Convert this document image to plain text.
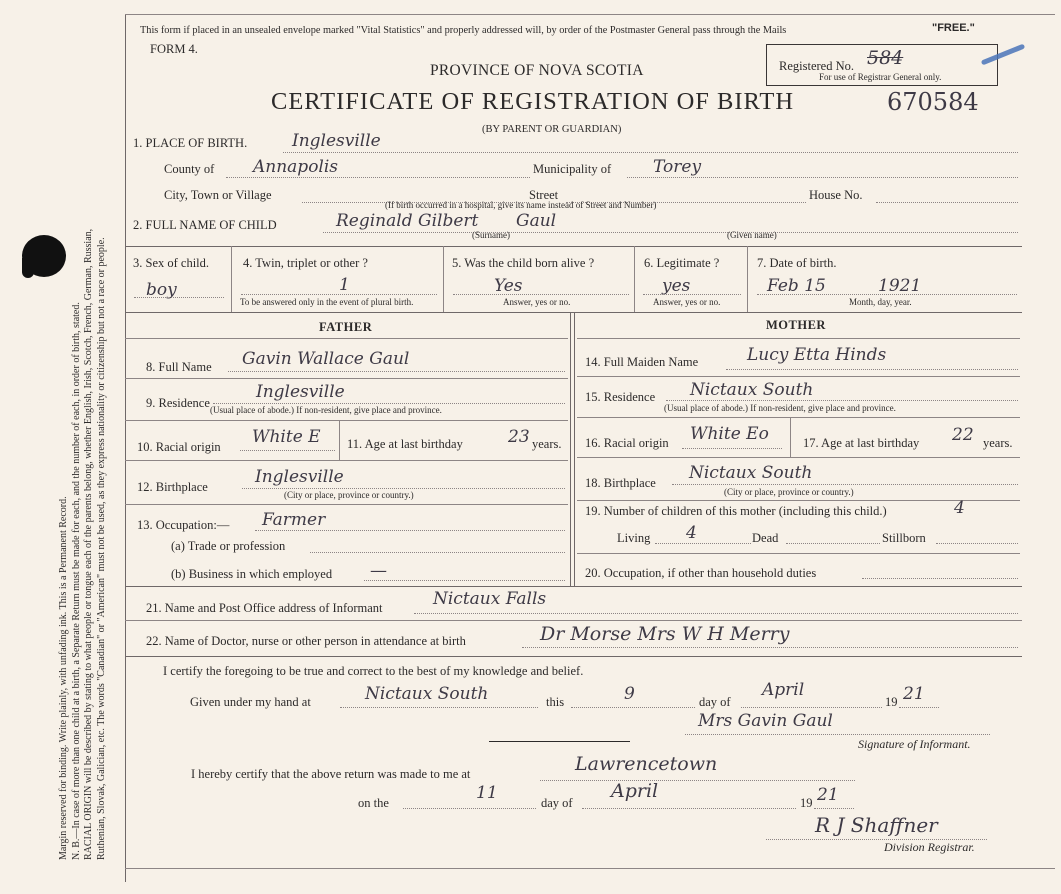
Margin reserved for binding. Write plainly, with unfading ink. This is a Permanent Record. N. B.—In case of more than one child at a birth, a Separate Return must be made for each, and the number of each, in order of birth, stated. RACIAL ORIGIN will be described by stating to what people or tongue each of the parents belong, whether English, Irish, Scotch, French, German, Russian, Ruthenian, Slovak, Galician, etc. The words "Canadian" or "American" must not be used, as they express nationality or citizenship but not a race or people.
This form if placed in an unsealed envelope marked "Vital Statistics" and properly addressed will, by order of the Postmaster General pass through the Mails	"FREE."
FORM 4.
Registered No. 584
For use of Registrar General only.
PROVINCE OF NOVA SCOTIA
CERTIFICATE OF REGISTRATION OF BIRTH	670584
(BY PARENT OR GUARDIAN)
1. PLACE OF BIRTH.	Inglesville
County of Annapolis	Municipality of Torey
City, Town or Village	Street	House No.
(If birth occurred in a hospital, give its name instead of Street and Number)
2. FULL NAME OF CHILD	Reginald Gilbert Gaul
(Surname)	(Given name)
3. Sex of child.
boy
4. Twin, triplet or other ?
1
To be answered only in the event of plural birth.
5. Was the child born alive ?
Yes
Answer, yes or no.
6. Legitimate ?
yes
Answer, yes or no.
7. Date of birth.
Feb 15	1921
Month, day, year.
FATHER	MOTHER
8. Full Name Gavin Wallace Gaul
9. Residence
Inglesville
(Usual place of abode.) If non-resident, give place and province.
10. Racial origin White E 11. Age at last birthday	23 years.
12. Birthplace	Inglesville
(City or place, province or country.)
13. Occupation:— Farmer
(a) Trade or profession
(b) Business in which employed —
14. Full Maiden Name	Lucy Etta Hinds
15. Residence Nictaux South
(Usual place of abode.) If non-resident, give place and province.
16. Racial origin White Eo	17. Age at last birthday 22 years.
18. Birthplace Nictaux South
(City or place, province or country.)
19. Number of children of this mother (including this child.)	4
Living 4	Dead	Stillborn
20. Occupation, if other than household duties
21. Name and Post Office address of Informant	Nictaux Falls
22. Name of Doctor, nurse or other person in attendance at birth	Dr Morse Mrs W H Merry
I certify the foregoing to be true and correct to the best of my knowledge and belief.
Given under my hand at	Nictaux South	this	9	day of
April
19 21
Mrs Gavin Gaul
Signature of Informant.
I hereby certify that the above return was made to me at	Lawrencetown
on the	11	day of
April
19 21
R J Shaffner
Division Registrar.
